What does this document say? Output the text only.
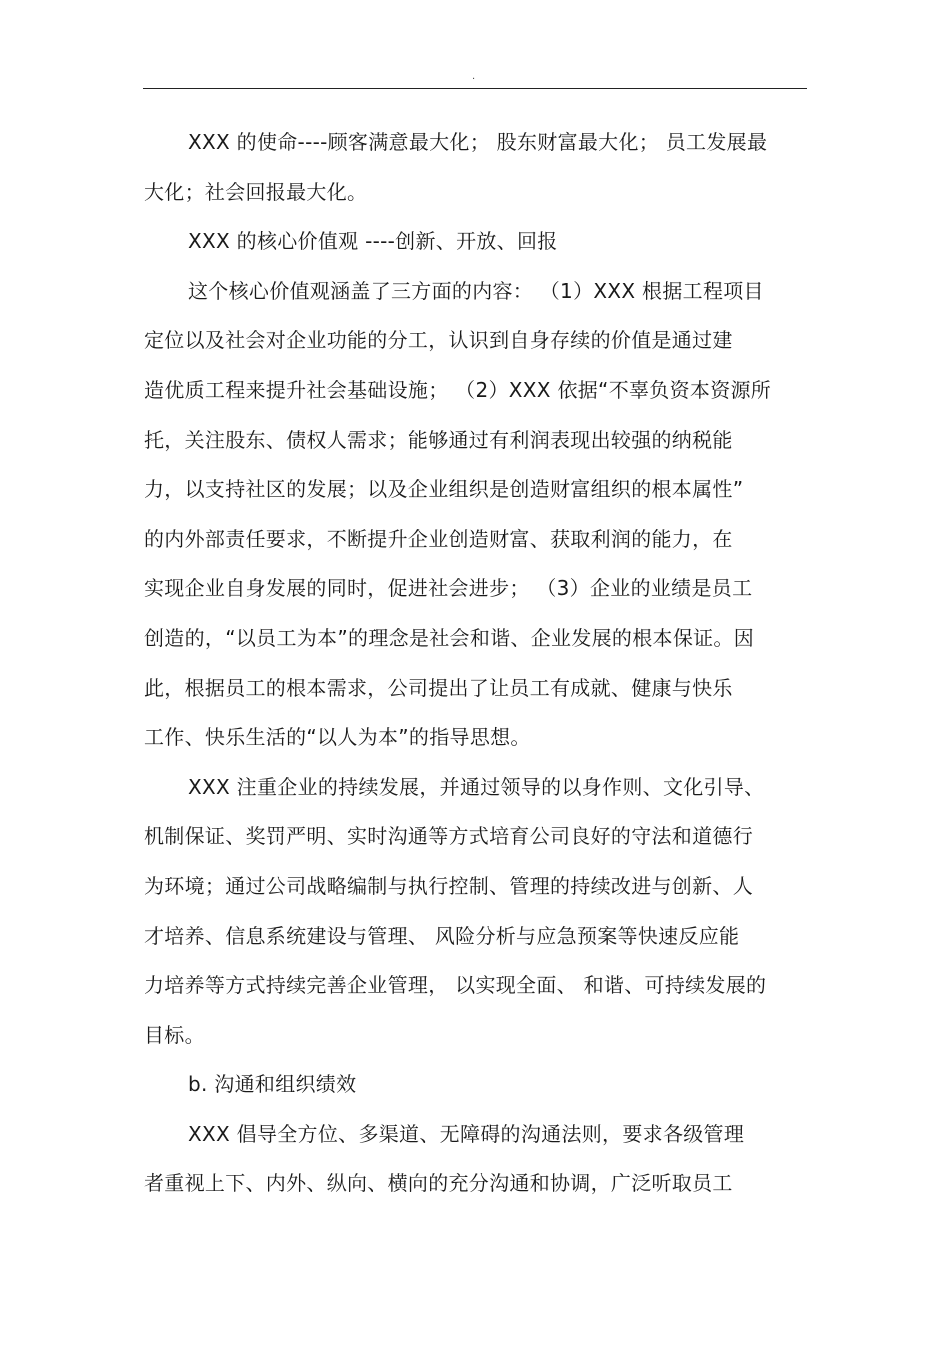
.
XXX 的使命----顾客满意最大化； 股东财富最大化； 员工发展最
大化；社会回报最大化。
XXX 的核心价值观 ----创新、开放、回报
这个核心价值观涵盖了三方面的内容： （1）XXX 根据工程项目
定位以及社会对企业功能的分工，认识到自身存续的价值是通过建
造优质工程来提升社会基础设施； （2）XXX 依据“不辜负资本资源所
托，关注股东、债权人需求；能够通过有利润表现出较强的纳税能
力，以支持社区的发展；以及企业组织是创造财富组织的根本属性”
的内外部责任要求，不断提升企业创造财富、获取利润的能力，在
实现企业自身发展的同时，促进社会进步； （3）企业的业绩是员工
创造的，“以员工为本”的理念是社会和谐、企业发展的根本保证。因
此，根据员工的根本需求，公司提出了让员工有成就、健康与快乐
工作、快乐生活的“以人为本”的指导思想。
XXX 注重企业的持续发展，并通过领导的以身作则、文化引导、
机制保证、奖罚严明、实时沟通等方式培育公司良好的守法和道德行
为环境；通过公司战略编制与执行控制、管理的持续改进与创新、人
才培养、信息系统建设与管理、 风险分析与应急预案等快速反应能
力培养等方式持续完善企业管理， 以实现全面、 和谐、可持续发展的
目标。
b. 沟通和组织绩效
XXX 倡导全方位、多渠道、无障碍的沟通法则，要求各级管理
者重视上下、内外、纵向、横向的充分沟通和协调，广泛听取员工
